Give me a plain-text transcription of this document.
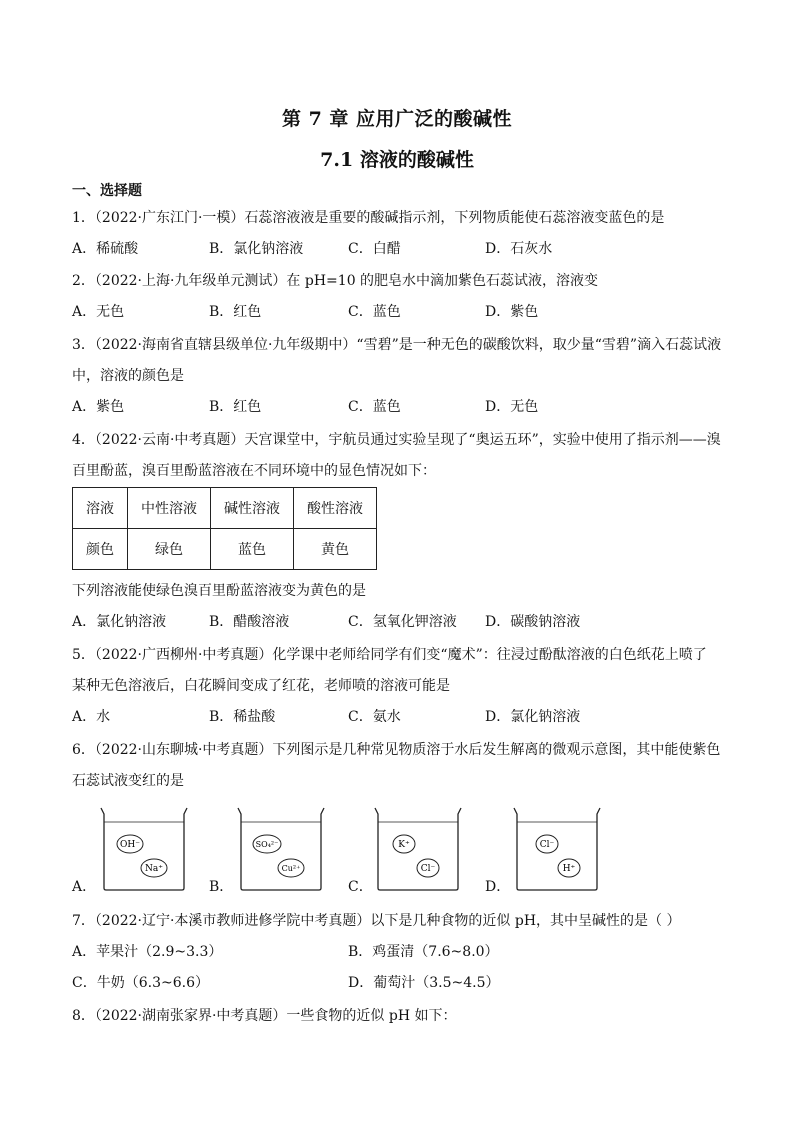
第 7 章 应用广泛的酸碱性
7.1 溶液的酸碱性
一、选择题
1．（2022·广东江门·一模）石蕊溶液液是重要的酸碱指示剂，下列物质能使石蕊溶液变蓝色的是
A．稀硫酸	B．氯化钠溶液	C．白醋	D．石灰水
2．（2022·上海·九年级单元测试）在 pH=10 的肥皂水中滴加紫色石蕊试液，溶液变
A．无色	B．红色	C．蓝色	D．紫色
3．（2022·海南省直辖县级单位·九年级期中）“雪碧”是一种无色的碳酸饮料，取少量“雪碧”滴入石蕊试液
中，溶液的颜色是
A．紫色	B．红色	C．蓝色	D．无色
4．（2022·云南·中考真题）天宫课堂中，宇航员通过实验呈现了“奥运五环”，实验中使用了指示剂——溴
百里酚蓝，溴百里酚蓝溶液在不同环境中的显色情况如下：
溶液	中性溶液	碱性溶液	酸性溶液
颜色	绿色	蓝色	黄色
下列溶液能使绿色溴百里酚蓝溶液变为黄色的是
A．氯化钠溶液	B．醋酸溶液	C．氢氧化钾溶液 D．碳酸钠溶液
5．（2022·广西柳州·中考真题）化学课中老师给同学有们变“魔术”：往浸过酚酞溶液的白色纸花上喷了
某种无色溶液后，白花瞬间变成了红花，老师喷的溶液可能是
A．水	B．稀盐酸	C．氨水	D．氯化钠溶液
6．（2022·山东聊城·中考真题）下列图示是几种常见物质溶于水后发生解离的微观示意图，其中能使紫色
石蕊试液变红的是
A．	B．	C．	D．
OH⁻
Na⁺
SO₄²⁻
Cu²⁺
K⁺
Cl⁻
Cl⁻
H⁺
7．（2022·辽宁·本溪市教师进修学院中考真题）以下是几种食物的近似 pH，其中呈碱性的是（ ）
A．苹果汁（2.9~3.3）	B．鸡蛋清（7.6~8.0）
C．牛奶（6.3~6.6）	D．葡萄汁（3.5~4.5）
8．（2022·湖南张家界·中考真题）一些食物的近似 pH 如下：
